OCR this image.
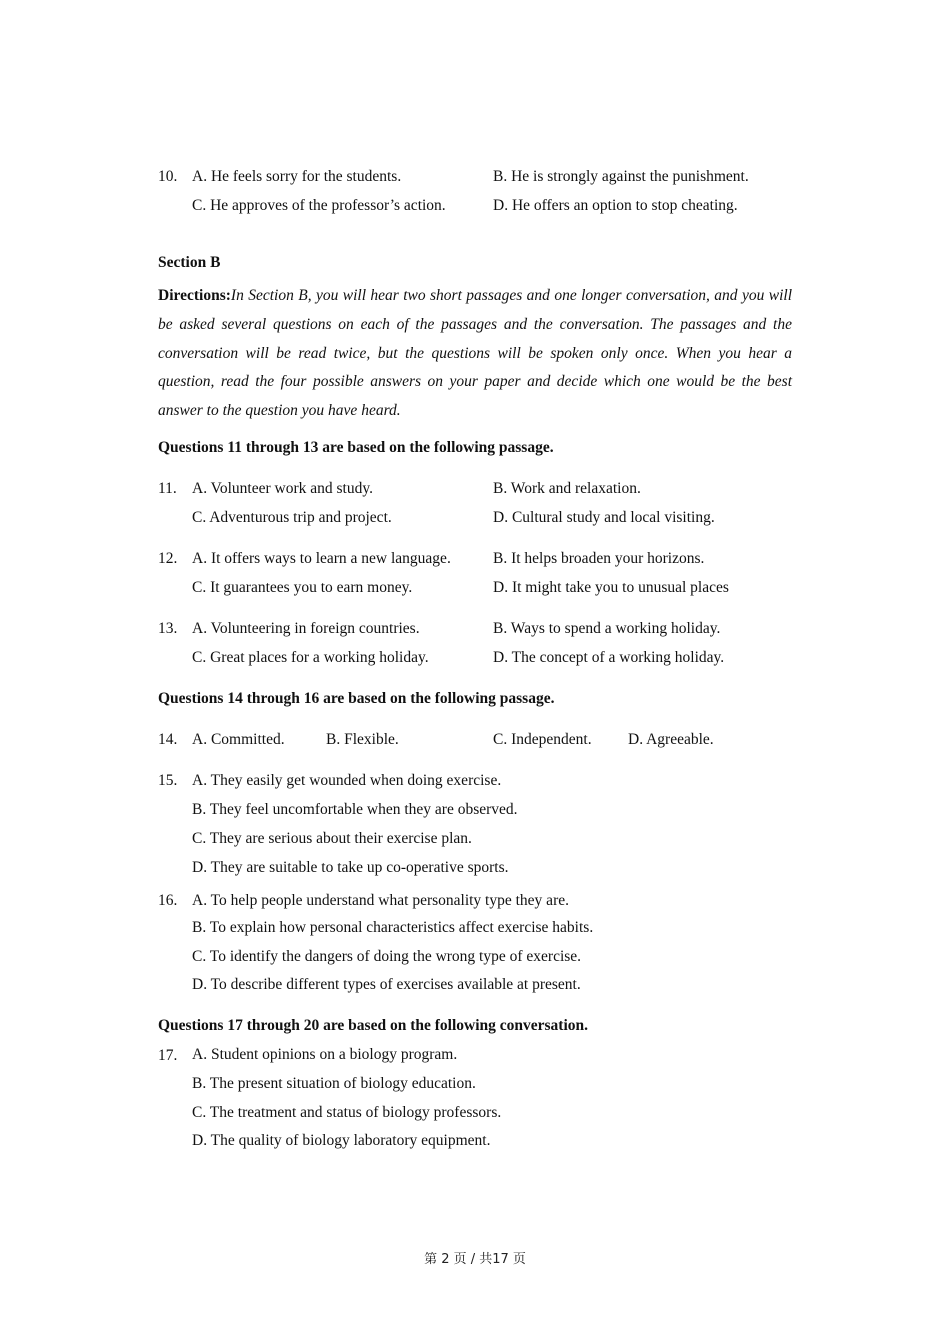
10. A. He feels sorry for the students.	B. He is strongly against the punishment.
C. He approves of the professor’s action.	D. He offers an option to stop cheating.
Section B
Directions:In Section B, you will hear two short passages and one longer conversation, and you will be asked several questions on each of the passages and the conversation. The passages and the conversation will be read twice, but the questions will be spoken only once. When you hear a question, read the four possible answers on your paper and decide which one would be the best answer to the question you have heard.
Questions 11 through 13 are based on the following passage.
11. A. Volunteer work and study.	B. Work and relaxation.
C. Adventurous trip and project.	D. Cultural study and local visiting.
12. A. It offers ways to learn a new language.	B. It helps broaden your horizons.
C. It guarantees you to earn money.	D. It might take you to unusual places
13. A. Volunteering in foreign countries.	B. Ways to spend a working holiday.
C. Great places for a working holiday.	D. The concept of a working holiday.
Questions 14 through 16 are based on the following passage.
14. A. Committed.	B. Flexible.	C. Independent. D. Agreeable.
15. A. They easily get wounded when doing exercise.
B. They feel uncomfortable when they are observed.
C. They are serious about their exercise plan.
D. They are suitable to take up co-operative sports.
16. A. To help people understand what personality type they are.
B. To explain how personal characteristics affect exercise habits.
C. To identify the dangers of doing the wrong type of exercise.
D. To describe different types of exercises available at present.
Questions 17 through 20 are based on the following conversation.
17. A. Student opinions on a biology program.
B. The present situation of biology education.
C. The treatment and status of biology professors.
D. The quality of biology laboratory equipment.
第 2 页 / 共17 页
